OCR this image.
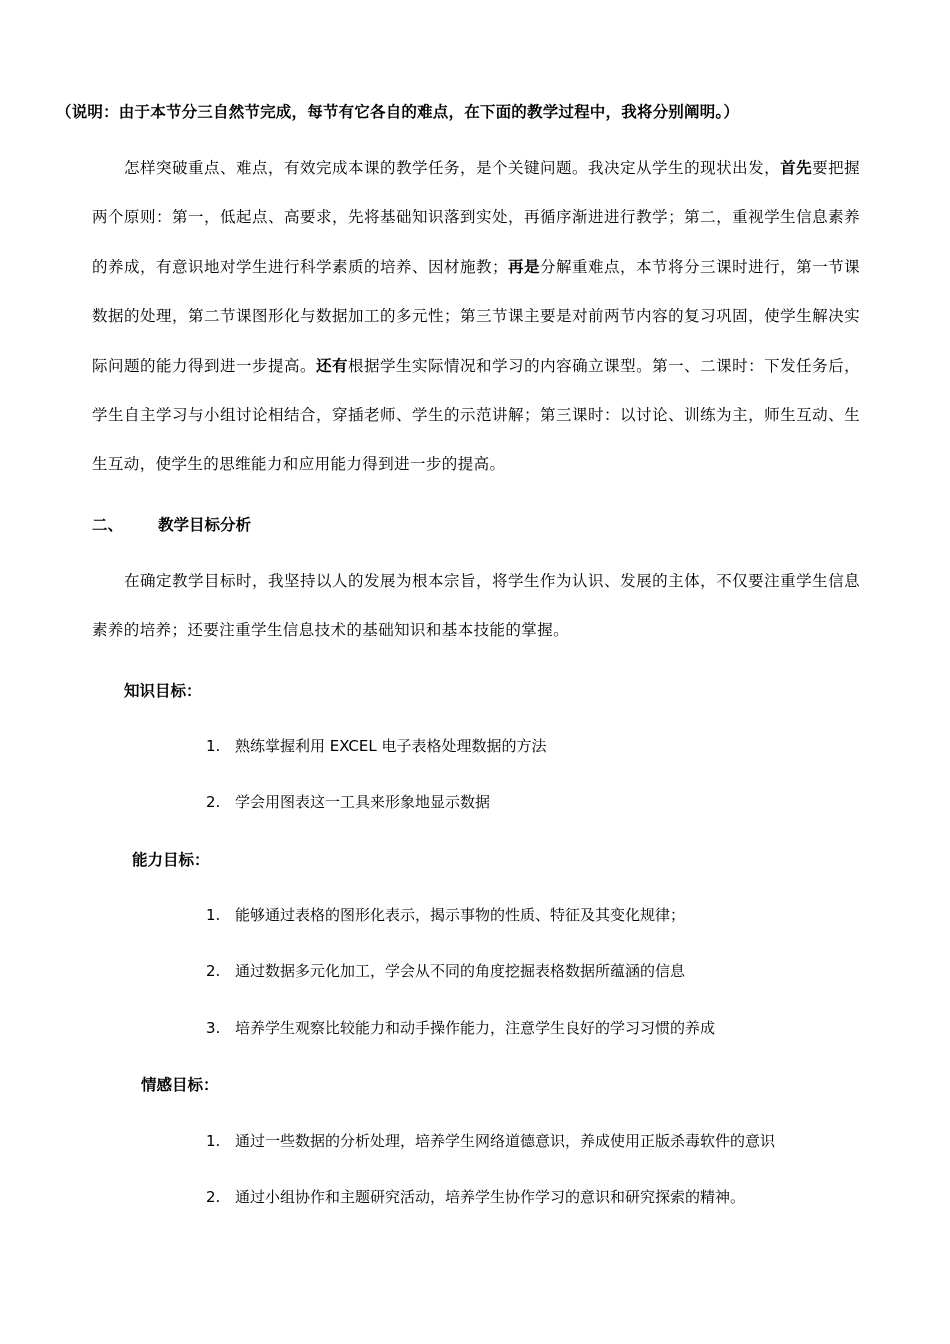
（说明：由于本节分三自然节完成，每节有它各自的难点，在下面的教学过程中，我将分别阐明。）
怎样突破重点、难点，有效完成本课的教学任务，是个关键问题。我决定从学生的现状出发，首先要把握两个原则：第一，低起点、高要求，先将基础知识落到实处，再循序渐进进行教学；第二，重视学生信息素养的养成，有意识地对学生进行科学素质的培养、因材施教；再是分解重难点，本节将分三课时进行，第一节课数据的处理，第二节课图形化与数据加工的多元性；第三节课主要是对前两节内容的复习巩固，使学生解决实际问题的能力得到进一步提高。还有根据学生实际情况和学习的内容确立课型。第一、二课时：下发任务后，学生自主学习与小组讨论相结合，穿插老师、学生的示范讲解；第三课时：以讨论、训练为主，师生互动、生生互动，使学生的思维能力和应用能力得到进一步的提高。
二、 教学目标分析
在确定教学目标时，我坚持以人的发展为根本宗旨，将学生作为认识、发展的主体，不仅要注重学生信息素养的培养；还要注重学生信息技术的基础知识和基本技能的掌握。
知识目标：
1. 熟练掌握利用 EXCEL 电子表格处理数据的方法
2. 学会用图表这一工具来形象地显示数据
能力目标：
1. 能够通过表格的图形化表示，揭示事物的性质、特征及其变化规律；
2. 通过数据多元化加工，学会从不同的角度挖掘表格数据所蕴涵的信息
3. 培养学生观察比较能力和动手操作能力，注意学生良好的学习习惯的养成
情感目标：
1. 通过一些数据的分析处理，培养学生网络道德意识，养成使用正版杀毒软件的意识
2. 通过小组协作和主题研究活动，培养学生协作学习的意识和研究探索的精神。
